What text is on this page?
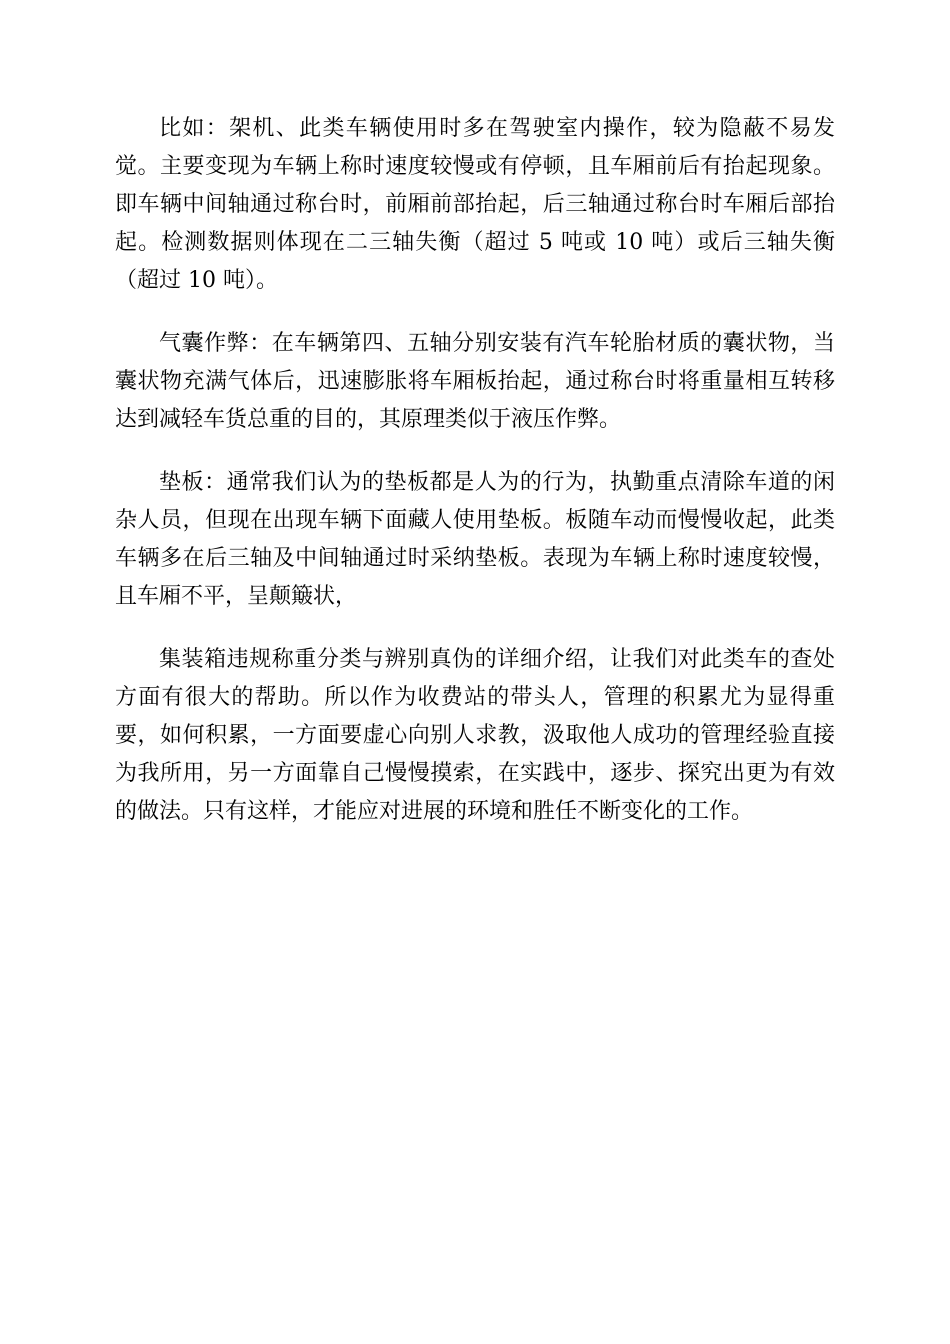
比如：架机、此类车辆使用时多在驾驶室内操作，较为隐蔽不易发觉。主要变现为车辆上称时速度较慢或有停顿，且车厢前后有抬起现象。即车辆中间轴通过称台时，前厢前部抬起，后三轴通过称台时车厢后部抬起。检测数据则体现在二三轴失衡（超过 5 吨或 10 吨）或后三轴失衡（超过 10 吨）。

气囊作弊：在车辆第四、五轴分别安装有汽车轮胎材质的囊状物，当囊状物充满气体后，迅速膨胀将车厢板抬起，通过称台时将重量相互转移达到减轻车货总重的目的，其原理类似于液压作弊。

垫板：通常我们认为的垫板都是人为的行为，执勤重点清除车道的闲杂人员，但现在出现车辆下面藏人使用垫板。板随车动而慢慢收起，此类车辆多在后三轴及中间轴通过时采纳垫板。表现为车辆上称时速度较慢，且车厢不平，呈颠簸状，

集装箱违规称重分类与辨别真伪的详细介绍，让我们对此类车的查处方面有很大的帮助。所以作为收费站的带头人，管理的积累尤为显得重要，如何积累，一方面要虚心向别人求教，汲取他人成功的管理经验直接为我所用，另一方面靠自己慢慢摸索，在实践中，逐步、探究出更为有效的做法。只有这样，才能应对进展的环境和胜任不断变化的工作。
